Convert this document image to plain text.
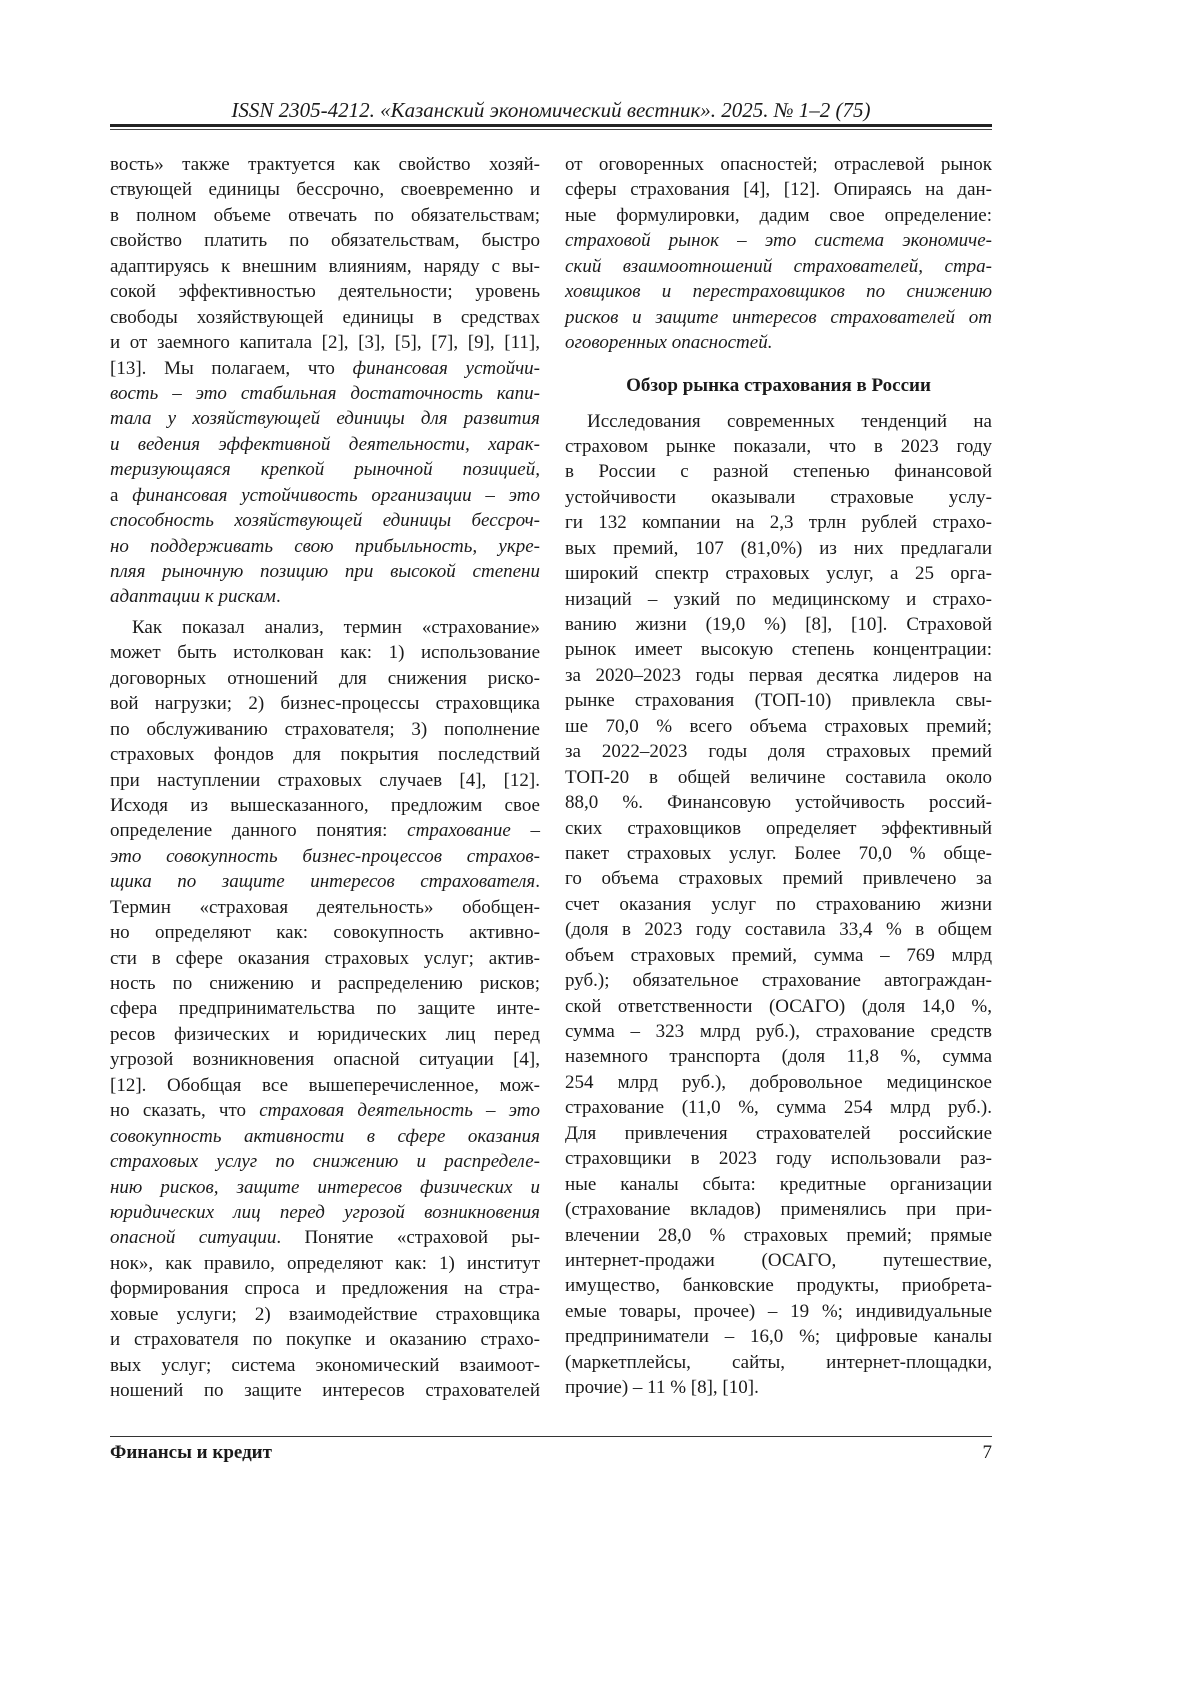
ISSN 2305-4212. «Казанский экономический вестник». 2025. № 1–2 (75)
вость» также трактуется как свойство хозяй-
ствующей единицы бессрочно, своевременно и
в полном объеме отвечать по обязательствам;
свойство платить по обязательствам, быстро
адаптируясь к внешним влияниям, наряду с вы-
сокой эффективностью деятельности; уровень
свободы хозяйствующей единицы в средствах
и от заемного капитала [2], [3], [5], [7], [9], [11],
[13]. Мы полагаем, что финансовая устойчи-
вость – это стабильная достаточность капи-
тала у хозяйствующей единицы для развития
и ведения эффективной деятельности, харак-
теризующаяся крепкой рыночной позицией,
а финансовая устойчивость организации – это
способность хозяйствующей единицы бессроч-
но поддерживать свою прибыльность, укре-
пляя рыночную позицию при высокой степени
адаптации к рискам.
Как показал анализ, термин «страхование»
может быть истолкован как: 1) использование
договорных отношений для снижения риско-
вой нагрузки; 2) бизнес-процессы страховщика
по обслуживанию страхователя; 3) пополнение
страховых фондов для покрытия последствий
при наступлении страховых случаев [4], [12].
Исходя из вышесказанного, предложим свое
определение данного понятия: страхование –
это совокупность бизнес-процессов страхов-
щика по защите интересов страхователя.
Термин «страховая деятельность» обобщен-
но определяют как: совокупность активно-
сти в сфере оказания страховых услуг; актив-
ность по снижению и распределению рисков;
сфера предпринимательства по защите инте-
ресов физических и юридических лиц перед
угрозой возникновения опасной ситуации [4],
[12]. Обобщая все вышеперечисленное, мож-
но сказать, что страховая деятельность – это
совокупность активности в сфере оказания
страховых услуг по снижению и распределе-
нию рисков, защите интересов физических и
юридических лиц перед угрозой возникновения
опасной ситуации. Понятие «страховой ры-
нок», как правило, определяют как: 1) институт
формирования спроса и предложения на стра-
ховые услуги; 2) взаимодействие страховщика
и страхователя по покупке и оказанию страхо-
вых услуг; система экономический взаимоот-
ношений по защите интересов страхователей
от оговоренных опасностей; отраслевой рынок
сферы страхования [4], [12]. Опираясь на дан-
ные формулировки, дадим свое определение:
страховой рынок – это система экономиче-
ский взаимоотношений страхователей, стра-
ховщиков и перестраховщиков по снижению
рисков и защите интересов страхователей от
оговоренных опасностей.
Обзор рынка страхования в России
Исследования современных тенденций на
страховом рынке показали, что в 2023 году
в России с разной степенью финансовой
устойчивости оказывали страховые услу-
ги 132 компании на 2,3 трлн рублей страхо-
вых премий, 107 (81,0%) из них предлагали
широкий спектр страховых услуг, а 25 орга-
низаций – узкий по медицинскому и страхо-
ванию жизни (19,0 %) [8], [10]. Страховой
рынок имеет высокую степень концентрации:
за 2020–2023 годы первая десятка лидеров на
рынке страхования (ТОП-10) привлекла свы-
ше 70,0 % всего объема страховых премий;
за 2022–2023 годы доля страховых премий
ТОП-20 в общей величине составила около
88,0 %. Финансовую устойчивость россий-
ских страховщиков определяет эффективный
пакет страховых услуг. Более 70,0 % обще-
го объема страховых премий привлечено за
счет оказания услуг по страхованию жизни
(доля в 2023 году составила 33,4 % в общем
объем страховых премий, сумма – 769 млрд
руб.); обязательное страхование автограждан-
ской ответственности (ОСАГО) (доля 14,0 %,
сумма – 323 млрд руб.), страхование средств
наземного транспорта (доля 11,8 %, сумма
254 млрд руб.), добровольное медицинское
страхование (11,0 %, сумма 254 млрд руб.).
Для привлечения страхователей российские
страховщики в 2023 году использовали раз-
ные каналы сбыта: кредитные организации
(страхование вкладов) применялись при при-
влечении 28,0 % страховых премий; прямые
интернет-продажи (ОСАГО, путешествие,
имущество, банковские продукты, приобрета-
емые товары, прочее) – 19 %; индивидуальные
предприниматели – 16,0 %; цифровые каналы
(маркетплейсы, сайты, интернет-площадки,
прочие) – 11 % [8], [10].
Финансы и кредит	7
